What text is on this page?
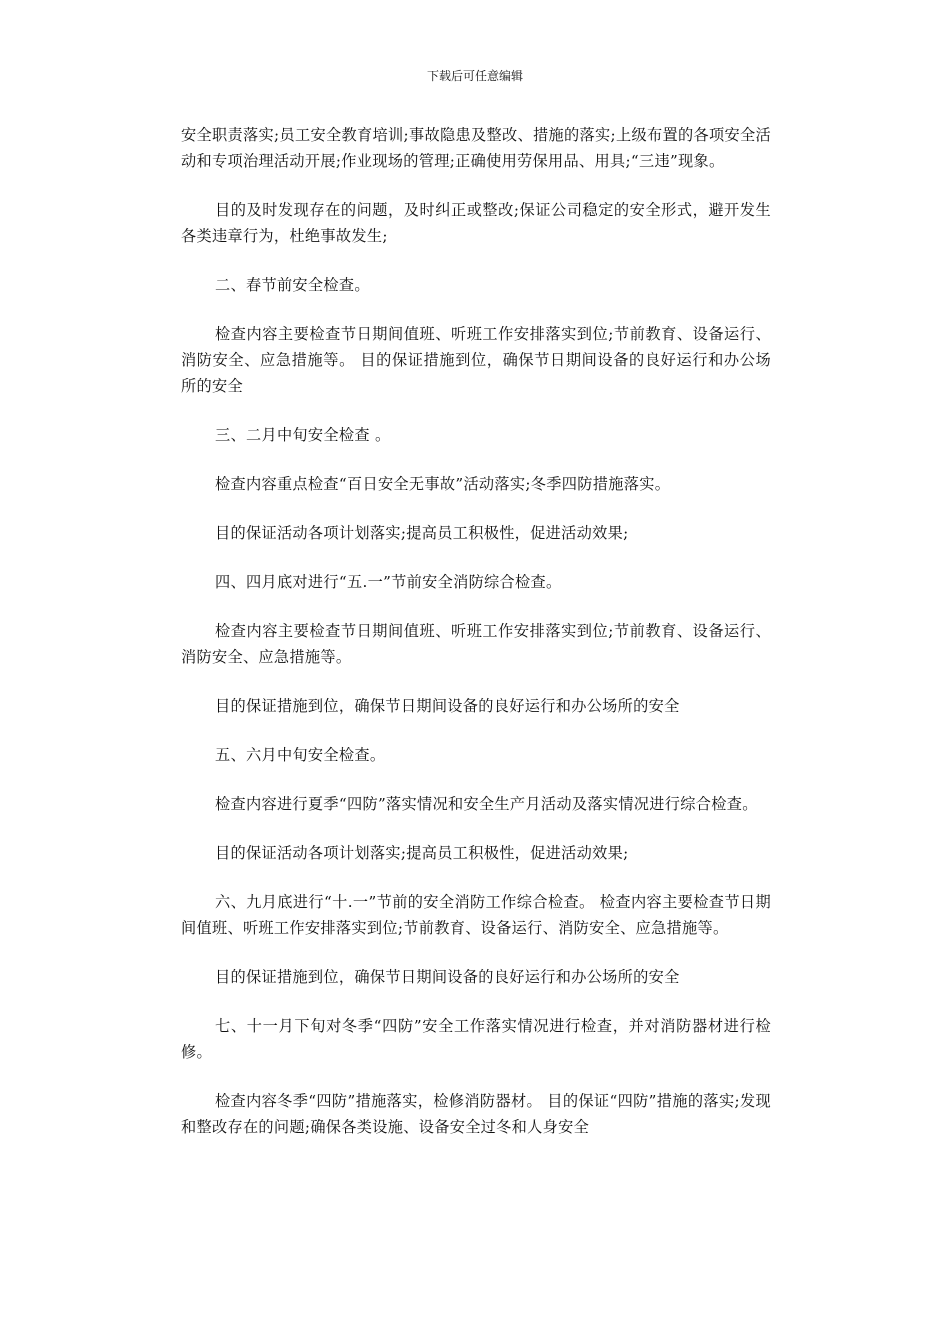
下载后可任意编辑

安全职责落实;员工安全教育培训;事故隐患及整改、措施的落实;上级布置的各项安全活动和专项治理活动开展;作业现场的管理;正确使用劳保用品、用具;“三违”现象。

目的及时发现存在的问题，及时纠正或整改;保证公司稳定的安全形式，避开发生各类违章行为，杜绝事故发生;

二、春节前安全检查。

检查内容主要检查节日期间值班、听班工作安排落实到位;节前教育、设备运行、消防安全、应急措施等。 目的保证措施到位，确保节日期间设备的良好运行和办公场所的安全

三、二月中旬安全检查 。

检查内容重点检查“百日安全无事故”活动落实;冬季四防措施落实。

目的保证活动各项计划落实;提高员工积极性，促进活动效果;

四、四月底对进行“五.一”节前安全消防综合检查。

检查内容主要检查节日期间值班、听班工作安排落实到位;节前教育、设备运行、消防安全、应急措施等。

目的保证措施到位，确保节日期间设备的良好运行和办公场所的安全

五、六月中旬安全检查。

检查内容进行夏季“四防”落实情况和安全生产月活动及落实情况进行综合检查。

目的保证活动各项计划落实;提高员工积极性，促进活动效果;

六、九月底进行“十.一”节前的安全消防工作综合检查。 检查内容主要检查节日期间值班、听班工作安排落实到位;节前教育、设备运行、消防安全、应急措施等。

目的保证措施到位，确保节日期间设备的良好运行和办公场所的安全

七、十一月下旬对冬季“四防”安全工作落实情况进行检查，并对消防器材进行检修。

检查内容冬季“四防”措施落实，检修消防器材。 目的保证“四防”措施的落实;发现和整改存在的问题;确保各类设施、设备安全过冬和人身安全
